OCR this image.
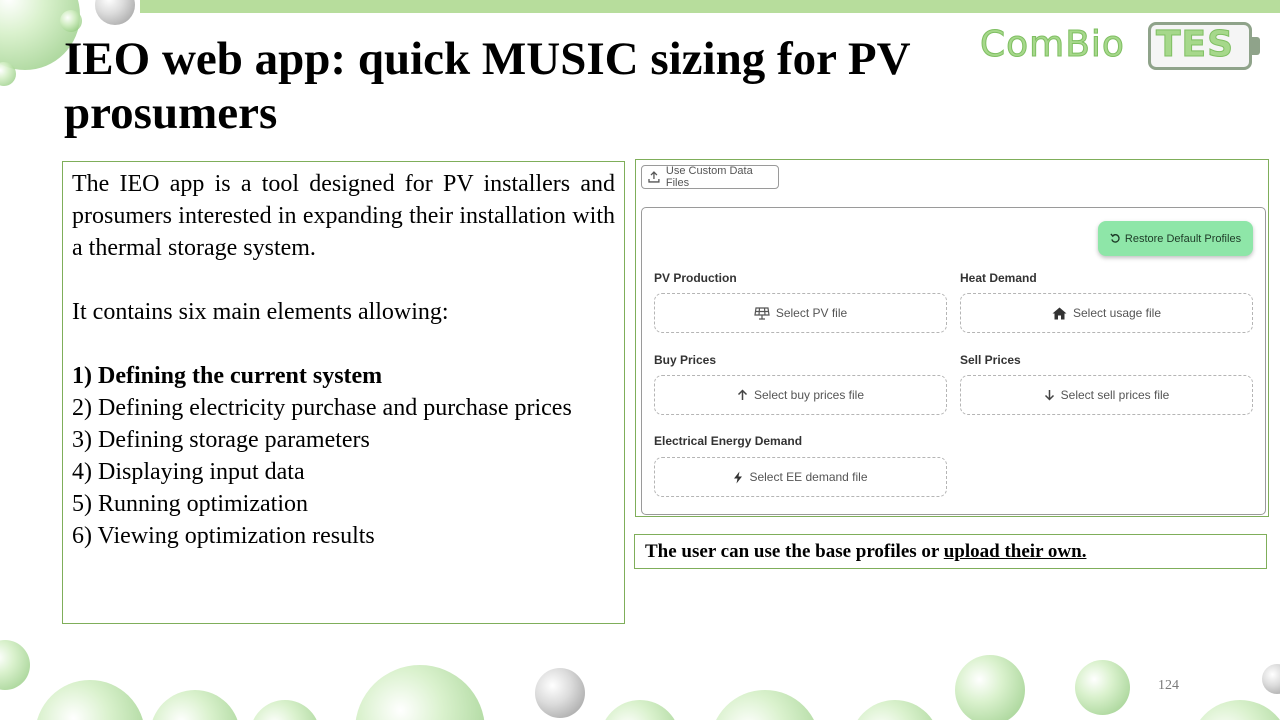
IEO web app: quick MUSIC sizing for PV prosumers
ComBio TES

The IEO app is a tool designed for PV installers and prosumers interested in expanding their installation with a thermal storage system.

It contains six main elements allowing:

1) Defining the current system

2) Defining electricity purchase and purchase prices

3) Defining storage parameters

4) Displaying input data

5) Running optimization

6) Viewing optimization results

Use Custom Data Files
Restore Default Profiles
PV Production
Select PV file
Heat Demand
Select usage file
Buy Prices
Select buy prices file
Sell Prices
Select sell prices file
Electrical Energy Demand
Select EE demand file
The user can use the base profiles or upload their own.
124
